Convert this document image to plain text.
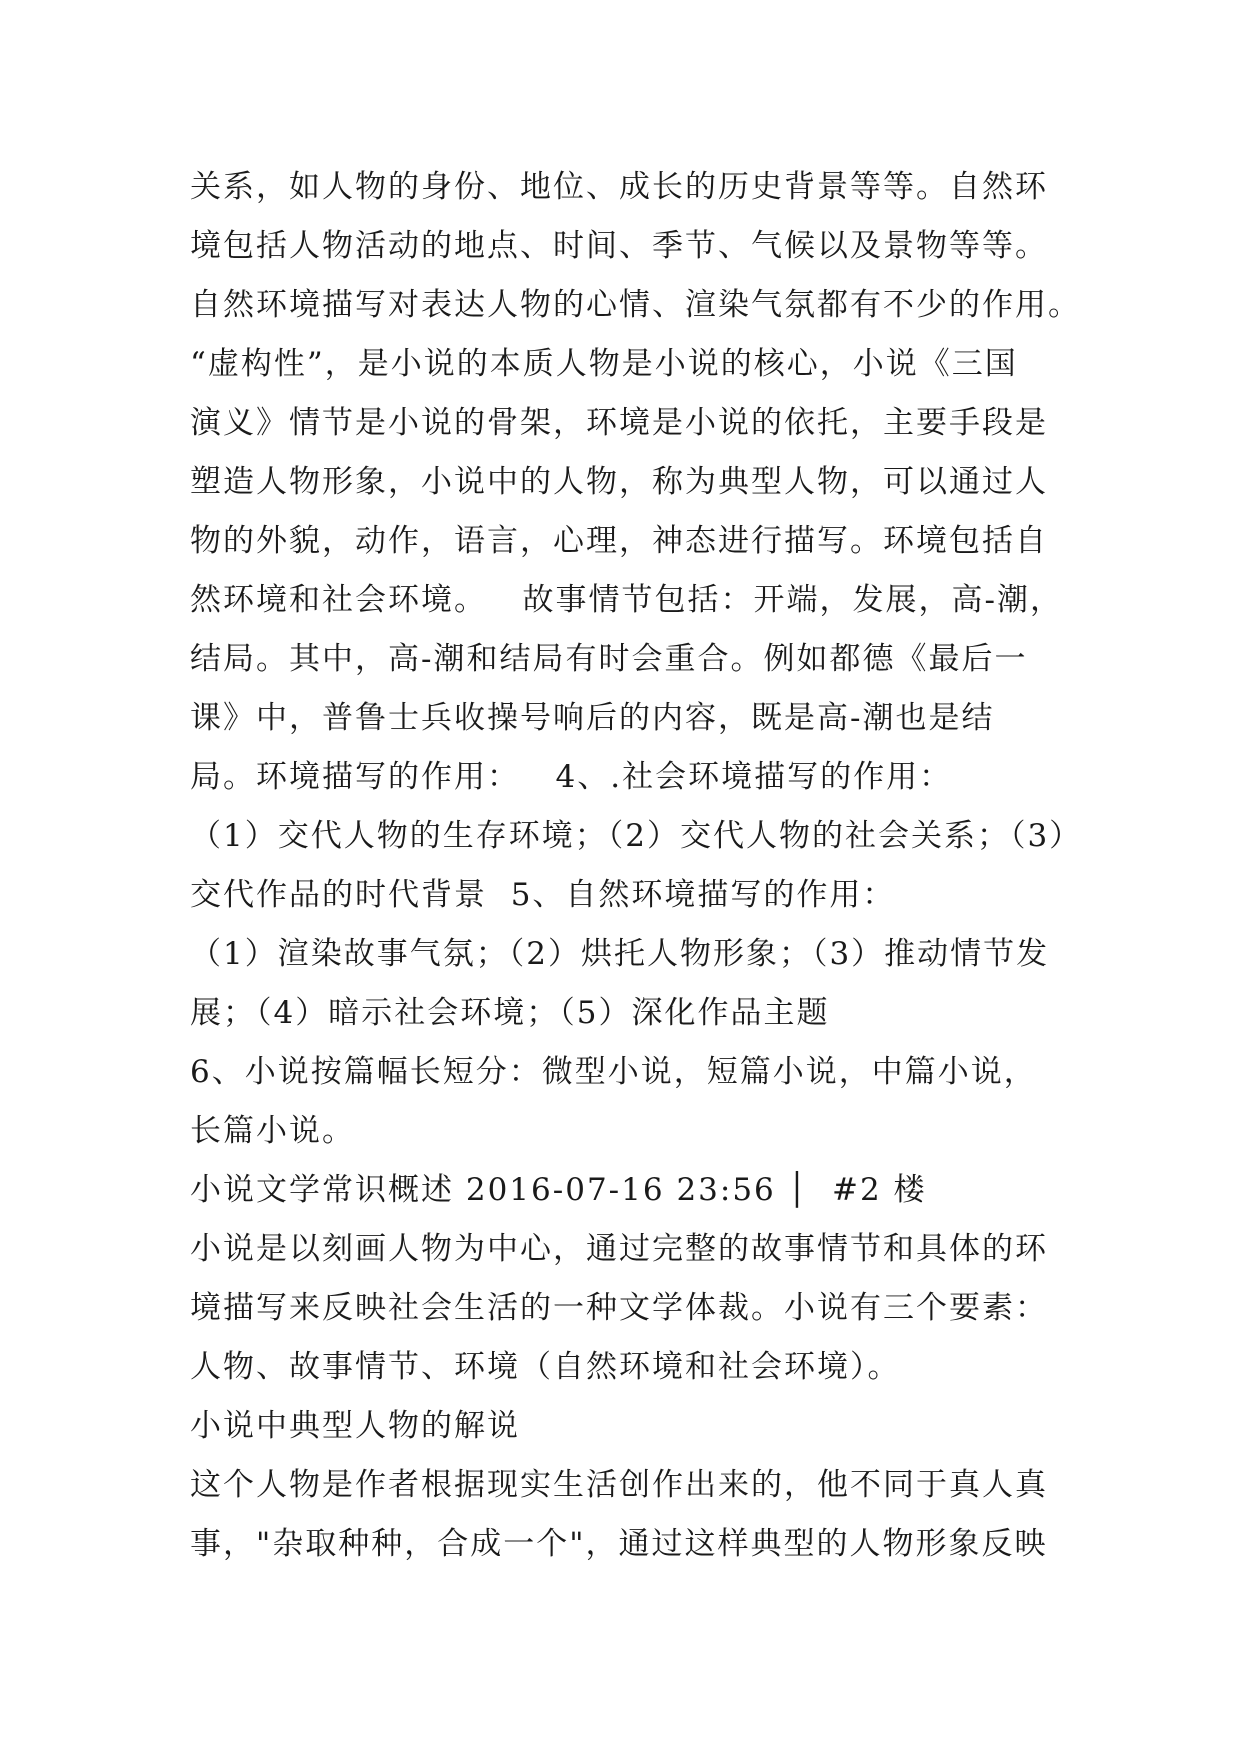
关系，如人物的身份、地位、成长的历史背景等等。自然环
境包括人物活动的地点、时间、季节、气候以及景物等等。
自然环境描写对表达人物的心情、渲染气氛都有不少的作用。
“虚构性”，是小说的本质人物是小说的核心，小说《三国
演义》情节是小说的骨架，环境是小说的依托，主要手段是
塑造人物形象，小说中的人物，称为典型人物，可以通过人
物的外貌，动作，语言，心理，神态进行描写。环境包括自
然环境和社会环境。   故事情节包括：开端，发展，高-潮，
结局。其中，高-潮和结局有时会重合。例如都德《最后一
课》中，普鲁士兵收操号响后的内容，既是高-潮也是结
局。环境描写的作用：   4、.社会环境描写的作用：
（1）交代人物的生存环境；（2）交代人物的社会关系；（3）
交代作品的时代背景  5、自然环境描写的作用：
（1）渲染故事气氛；（2）烘托人物形象；（3）推动情节发
展；（4）暗示社会环境；（5）深化作品主题
6、小说按篇幅长短分：微型小说，短篇小说，中篇小说，
长篇小说。
小说文学常识概述 2016-07-16 23:56 │  #2 楼
小说是以刻画人物为中心，通过完整的故事情节和具体的环
境描写来反映社会生活的一种文学体裁。小说有三个要素：
人物、故事情节、环境（自然环境和社会环境）。
小说中典型人物的解说
这个人物是作者根据现实生活创作出来的，他不同于真人真
事，"杂取种种，合成一个"，通过这样典型的人物形象反映
